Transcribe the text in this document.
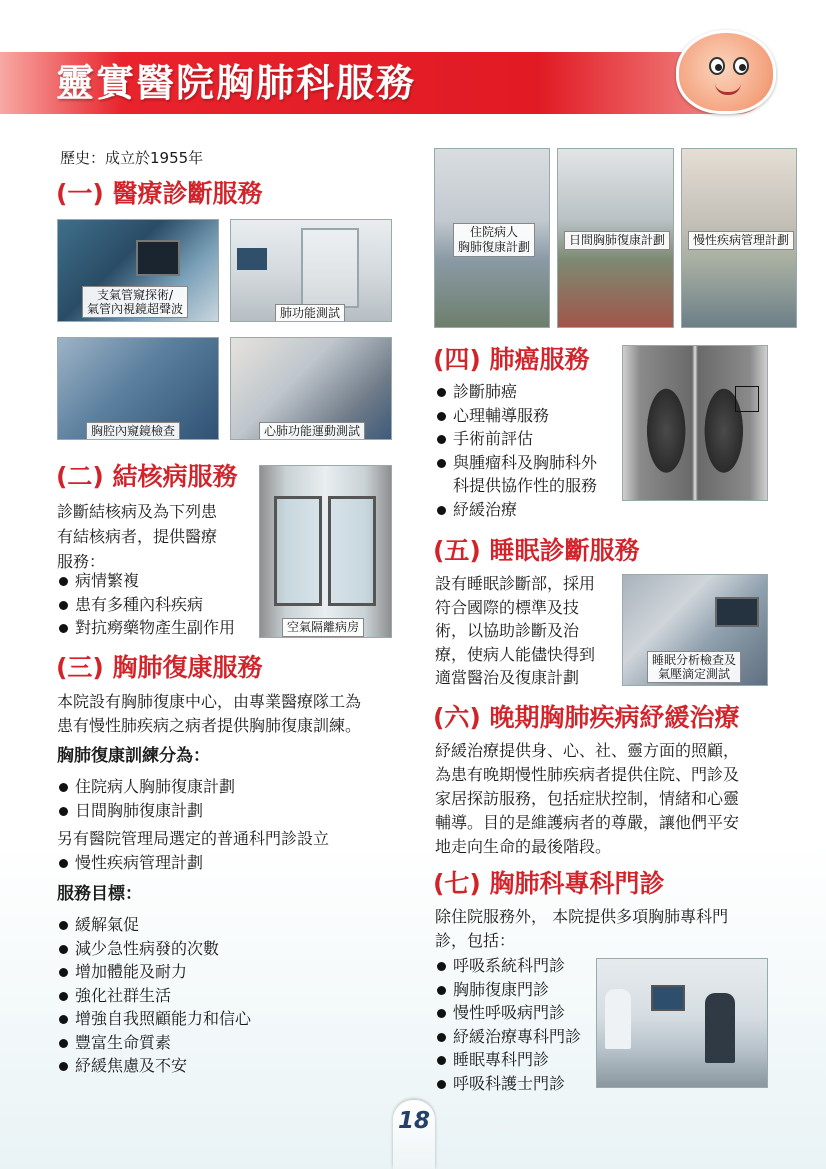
靈實醫院胸肺科服務
歷史：成立於1955年
(一) 醫療診斷服務
支氣管窺探術/
氣管內視鏡超聲波	肺功能測試
胸腔內窺鏡檢查	心肺功能運動測試
住院病人
胸肺復康計劃	日間胸肺復康計劃	慢性疾病管理計劃
(二) 結核病服務
診斷結核病及為下列患
有結核病者，提供醫療
服務：
病情繁複
患有多種內科疾病
對抗癆藥物產生副作用	空氣隔離病房
(三) 胸肺復康服務
本院設有胸肺復康中心，由專業醫療隊工為
患有慢性肺疾病之病者提供胸肺復康訓練。
胸肺復康訓練分為：
住院病人胸肺復康計劃
日間胸肺復康計劃
另有醫院管理局選定的普通科門診設立
慢性疾病管理計劃
服務目標：
緩解氣促
減少急性病發的次數
增加體能及耐力
強化社群生活
增強自我照顧能力和信心
豐富生命質素
紓緩焦慮及不安
(四) 肺癌服務
診斷肺癌
心理輔導服務
手術前評估
與腫瘤科及胸肺科外
科提供協作性的服務
紓緩治療
(五) 睡眠診斷服務
設有睡眠診斷部，採用
符合國際的標準及技
術，以協助診斷及治
療，使病人能儘快得到
適當醫治及復康計劃
睡眠分析檢查及
氣壓滴定測試
(六) 晚期胸肺疾病紓緩治療
紓緩治療提供身、心、社、靈方面的照顧，
為患有晚期慢性肺疾病者提供住院、門診及
家居探訪服務，包括症狀控制，情緒和心靈
輔導。目的是維護病者的尊嚴，讓他們平安
地走向生命的最後階段。
(七) 胸肺科專科門診
除住院服務外， 本院提供多項胸肺專科門
診，包括：
呼吸系統科門診
胸肺復康門診
慢性呼吸病門診
紓緩治療專科門診
睡眠專科門診
呼吸科護士門診
18
